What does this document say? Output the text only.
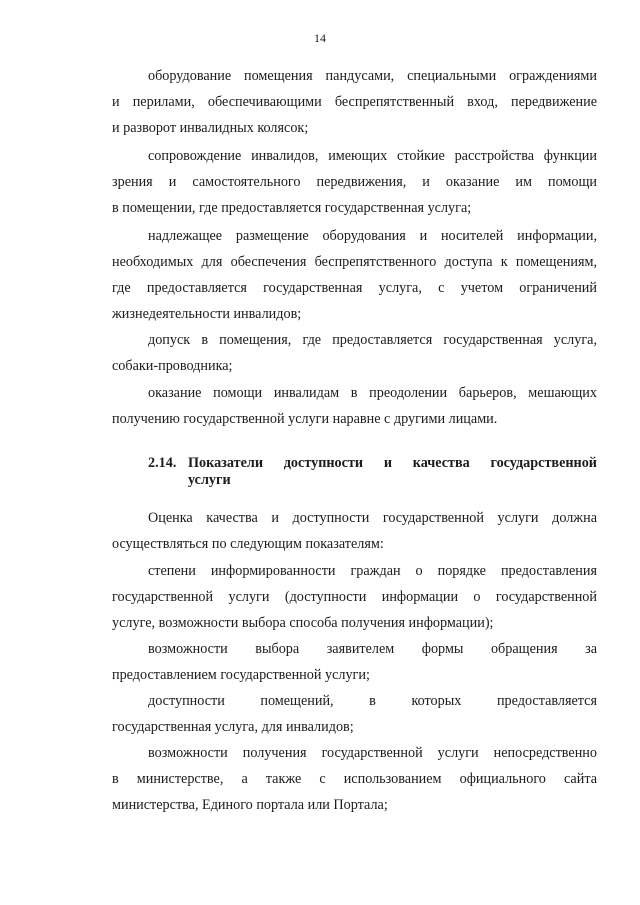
14
оборудование помещения пандусами, специальными ограждениями
и перилами, обеспечивающими беспрепятственный вход, передвижение
и разворот инвалидных колясок;
сопровождение инвалидов, имеющих стойкие расстройства функции
зрения и самостоятельного передвижения, и оказание им помощи
в помещении, где предоставляется государственная услуга;
надлежащее размещение оборудования и носителей информации,
необходимых для обеспечения беспрепятственного доступа к помещениям,
где предоставляется государственная услуга, с учетом ограничений
жизнедеятельности инвалидов;
допуск в помещения, где предоставляется государственная услуга,
собаки-проводника;
оказание помощи инвалидам в преодолении барьеров, мешающих
получению государственной услуги наравне с другими лицами.
2.14. Показатели доступности и качества государственной
услуги
Оценка качества и доступности государственной услуги должна
осуществляться по следующим показателям:
степени информированности граждан о порядке предоставления
государственной услуги (доступности информации о государственной
услуге, возможности выбора способа получения информации);
возможности выбора заявителем формы обращения за
предоставлением государственной услуги;
доступности помещений, в которых предоставляется
государственная услуга, для инвалидов;
возможности получения государственной услуги непосредственно
в министерстве, а также с использованием официального сайта
министерства, Единого портала или Портала;
